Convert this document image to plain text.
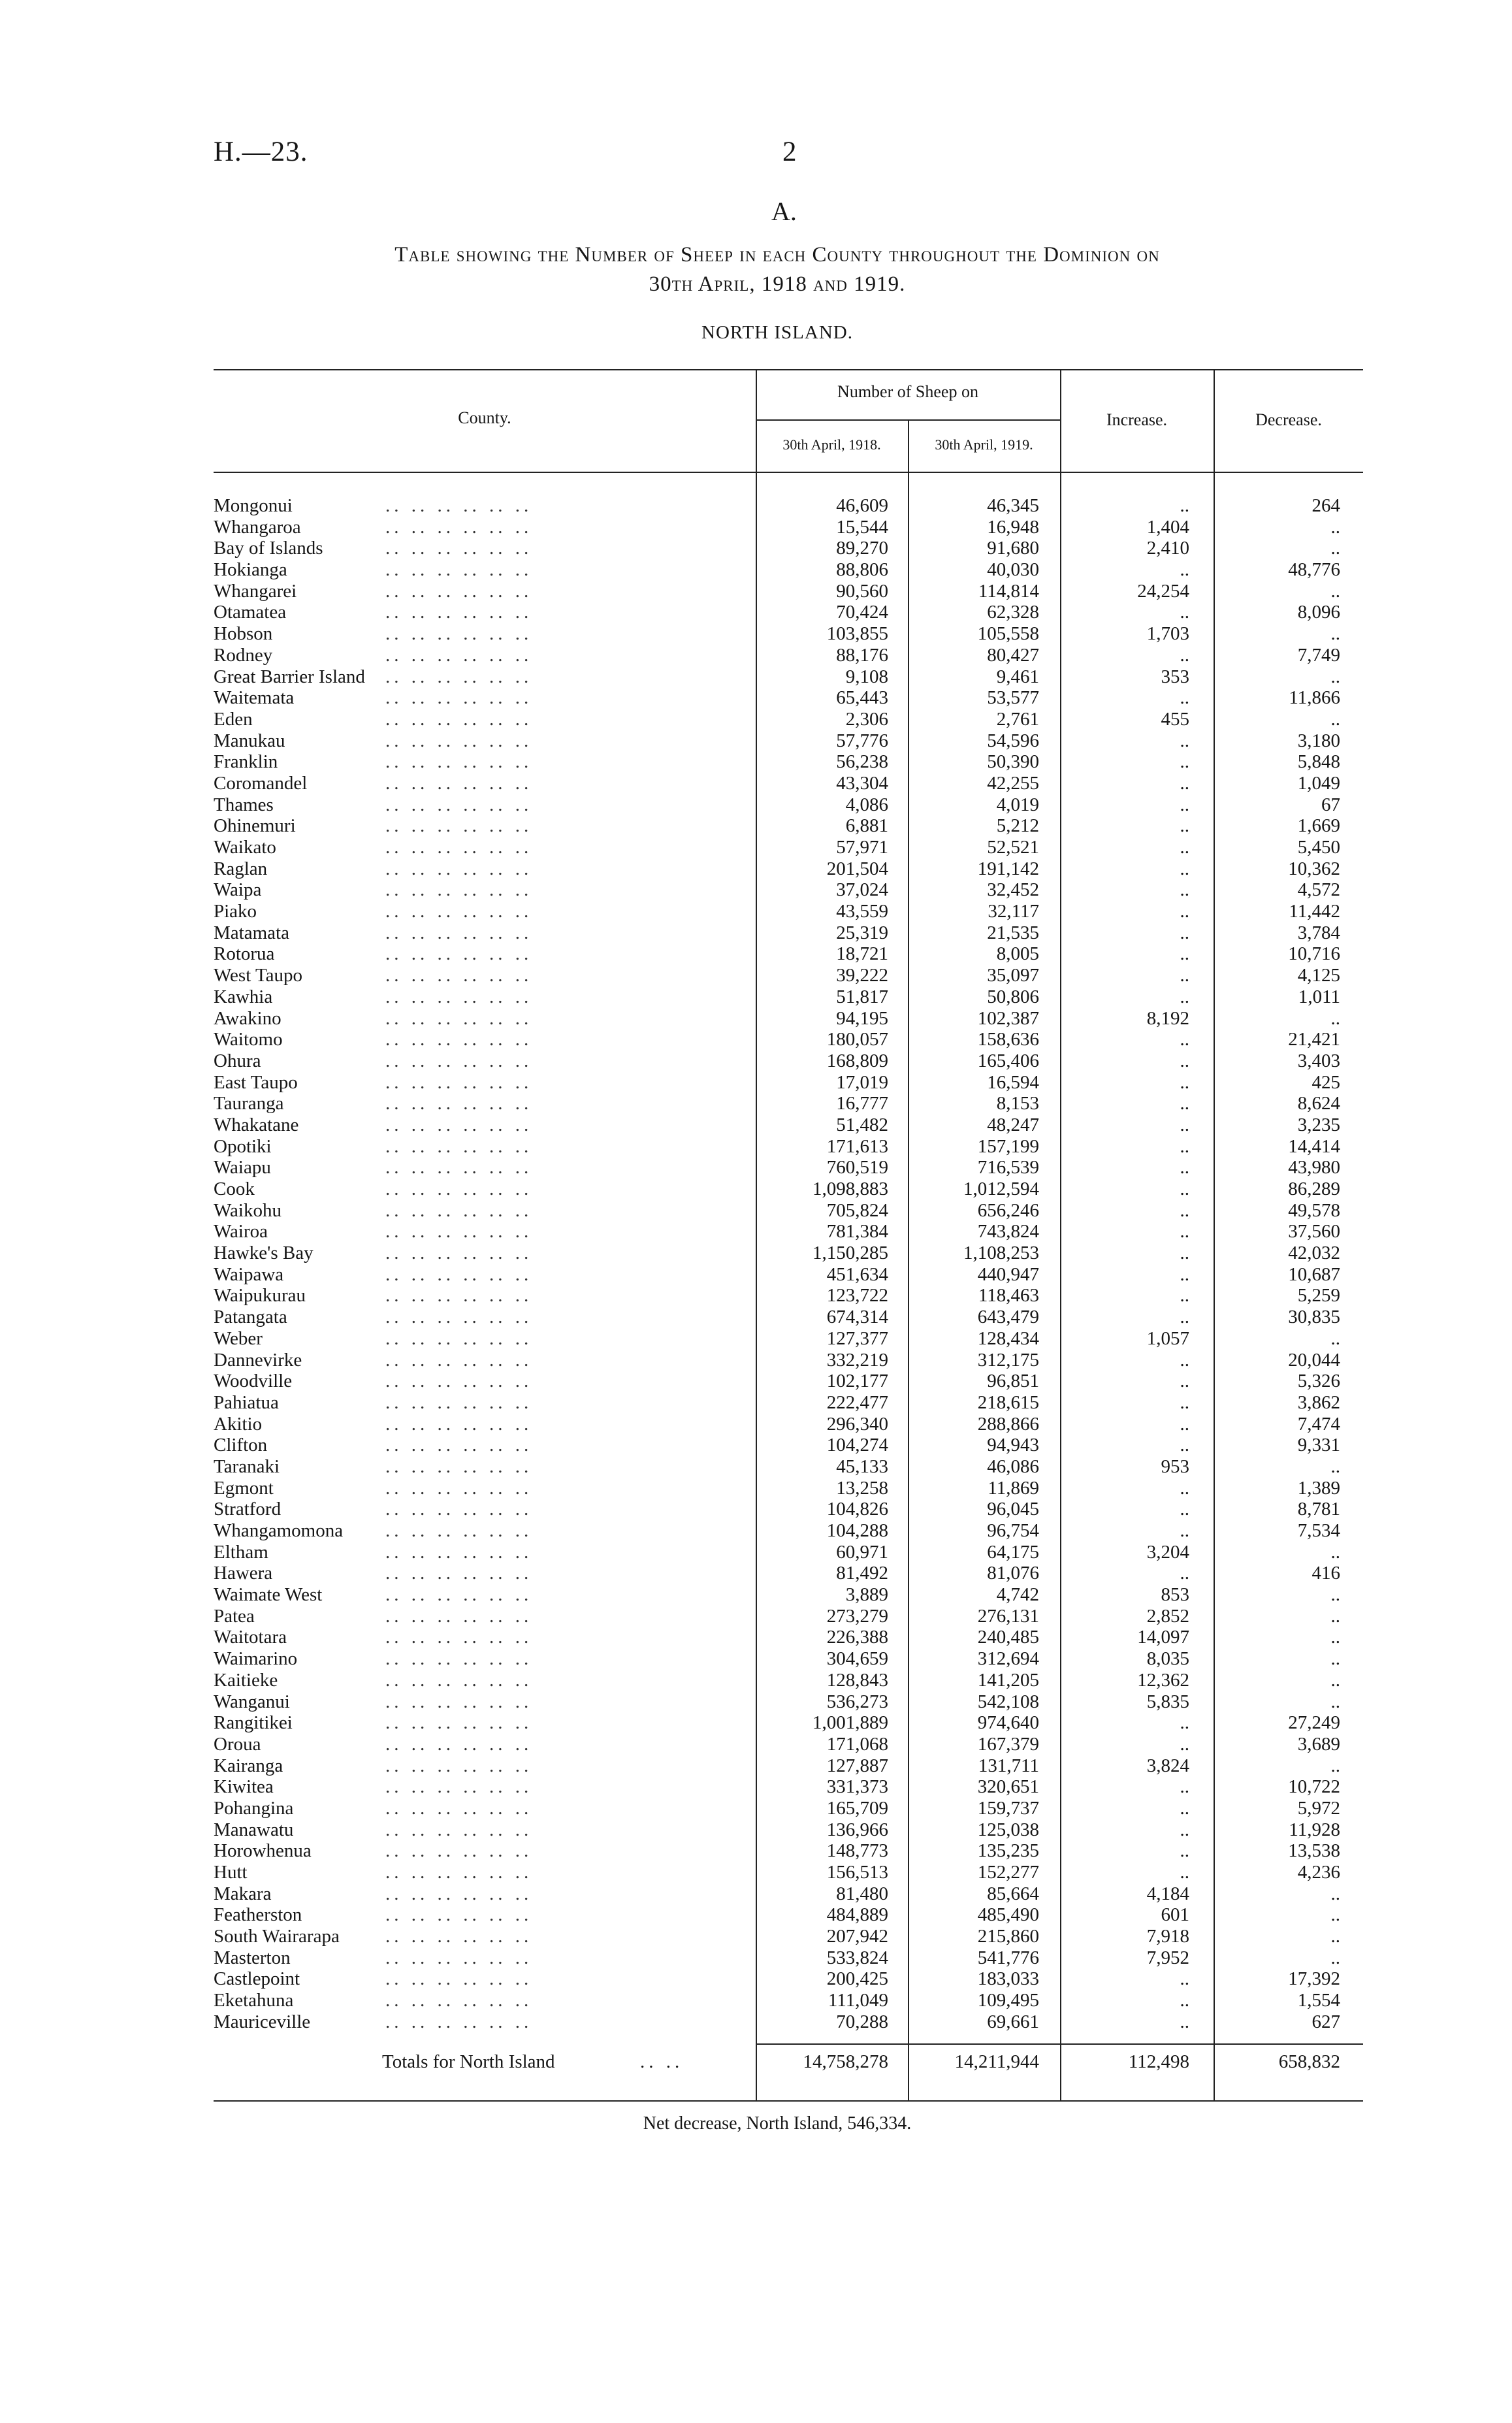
H.—23.	2
A.
Table showing the Number of Sheep in each County throughout the Dominion on
30th April, 1918 and 1919.
NORTH ISLAND.
County.
Number of Sheep on
30th April, 1918.	30th April, 1919.
Increase.	Decrease.
Mongonui	.. .. .. .. .. ..	46,609	46,345	..	264
Whangaroa	.. .. .. .. .. ..	15,544	16,948	1,404	..
Bay of Islands	.. .. .. .. .. ..	89,270	91,680	2,410	..
Hokianga	.. .. .. .. .. ..	88,806	40,030	..	48,776
Whangarei	.. .. .. .. .. ..	90,560	114,814	24,254	..
Otamatea	.. .. .. .. .. ..	70,424	62,328	..	8,096
Hobson	.. .. .. .. .. ..	103,855	105,558	1,703	..
Rodney	.. .. .. .. .. ..	88,176	80,427	..	7,749
Great Barrier Island .. .. .. .. .. ..	9,108	9,461	353	..
Waitemata	.. .. .. .. .. ..	65,443	53,577	..	11,866
Eden	.. .. .. .. .. ..	2,306	2,761	455	..
Manukau	.. .. .. .. .. ..	57,776	54,596	..	3,180
Franklin	.. .. .. .. .. ..	56,238	50,390	..	5,848
Coromandel	.. .. .. .. .. ..	43,304	42,255	..	1,049
Thames	.. .. .. .. .. ..	4,086	4,019	..	67
Ohinemuri	.. .. .. .. .. ..	6,881	5,212	..	1,669
Waikato	.. .. .. .. .. ..	57,971	52,521	..	5,450
Raglan	.. .. .. .. .. ..	201,504	191,142	..	10,362
Waipa	.. .. .. .. .. ..	37,024	32,452	..	4,572
Piako	.. .. .. .. .. ..	43,559	32,117	..	11,442
Matamata	.. .. .. .. .. ..	25,319	21,535	..	3,784
Rotorua	.. .. .. .. .. ..	18,721	8,005	..	10,716
West Taupo	.. .. .. .. .. ..	39,222	35,097	..	4,125
Kawhia	.. .. .. .. .. ..	51,817	50,806	..	1,011
Awakino	.. .. .. .. .. ..	94,195	102,387	8,192	..
Waitomo	.. .. .. .. .. ..	180,057	158,636	..	21,421
Ohura	.. .. .. .. .. ..	168,809	165,406	..	3,403
East Taupo	.. .. .. .. .. ..	17,019	16,594	..	425
Tauranga	.. .. .. .. .. ..	16,777	8,153	..	8,624
Whakatane	.. .. .. .. .. ..	51,482	48,247	..	3,235
Opotiki	.. .. .. .. .. ..	171,613	157,199	..	14,414
Waiapu	.. .. .. .. .. ..	760,519	716,539	..	43,980
Cook	.. .. .. .. .. ..	1,098,883	1,012,594	..	86,289
Waikohu	.. .. .. .. .. ..	705,824	656,246	..	49,578
Wairoa	.. .. .. .. .. ..	781,384	743,824	..	37,560
Hawke's Bay	.. .. .. .. .. ..	1,150,285	1,108,253	..	42,032
Waipawa	.. .. .. .. .. ..	451,634	440,947	..	10,687
Waipukurau	.. .. .. .. .. ..	123,722	118,463	..	5,259
Patangata	.. .. .. .. .. ..	674,314	643,479	..	30,835
Weber	.. .. .. .. .. ..	127,377	128,434	1,057	..
Dannevirke	.. .. .. .. .. ..	332,219	312,175	..	20,044
Woodville	.. .. .. .. .. ..	102,177	96,851	..	5,326
Pahiatua	.. .. .. .. .. ..	222,477	218,615	..	3,862
Akitio	.. .. .. .. .. ..	296,340	288,866	..	7,474
Clifton	.. .. .. .. .. ..	104,274	94,943	..	9,331
Taranaki	.. .. .. .. .. ..	45,133	46,086	953	..
Egmont	.. .. .. .. .. ..	13,258	11,869	..	1,389
Stratford	.. .. .. .. .. ..	104,826	96,045	..	8,781
Whangamomona .. .. .. .. .. ..	104,288	96,754	..	7,534
Eltham	.. .. .. .. .. ..	60,971	64,175	3,204	..
Hawera	.. .. .. .. .. ..	81,492	81,076	..	416
Waimate West	.. .. .. .. .. ..	3,889	4,742	853	..
Patea	.. .. .. .. .. ..	273,279	276,131	2,852	..
Waitotara	.. .. .. .. .. ..	226,388	240,485	14,097	..
Waimarino	.. .. .. .. .. ..	304,659	312,694	8,035	..
Kaitieke	.. .. .. .. .. ..	128,843	141,205	12,362	..
Wanganui	.. .. .. .. .. ..	536,273	542,108	5,835	..
Rangitikei	.. .. .. .. .. ..	1,001,889	974,640	..	27,249
Oroua	.. .. .. .. .. ..	171,068	167,379	..	3,689
Kairanga	.. .. .. .. .. ..	127,887	131,711	3,824	..
Kiwitea	.. .. .. .. .. ..	331,373	320,651	..	10,722
Pohangina	.. .. .. .. .. ..	165,709	159,737	..	5,972
Manawatu	.. .. .. .. .. ..	136,966	125,038	..	11,928
Horowhenua	.. .. .. .. .. ..	148,773	135,235	..	13,538
Hutt	.. .. .. .. .. ..	156,513	152,277	..	4,236
Makara	.. .. .. .. .. ..	81,480	85,664	4,184	..
Featherston	.. .. .. .. .. ..	484,889	485,490	601	..
South Wairarapa .. .. .. .. .. ..	207,942	215,860	7,918	..
Masterton	.. .. .. .. .. ..	533,824	541,776	7,952	..
Castlepoint	.. .. .. .. .. ..	200,425	183,033	..	17,392
Eketahuna	.. .. .. .. .. ..	111,049	109,495	..	1,554
Mauriceville	.. .. .. .. .. ..	70,288	69,661	..	627
Totals for North Island	.. ..	14,758,278	14,211,944	112,498	658,832
Net decrease, North Island, 546,334.
